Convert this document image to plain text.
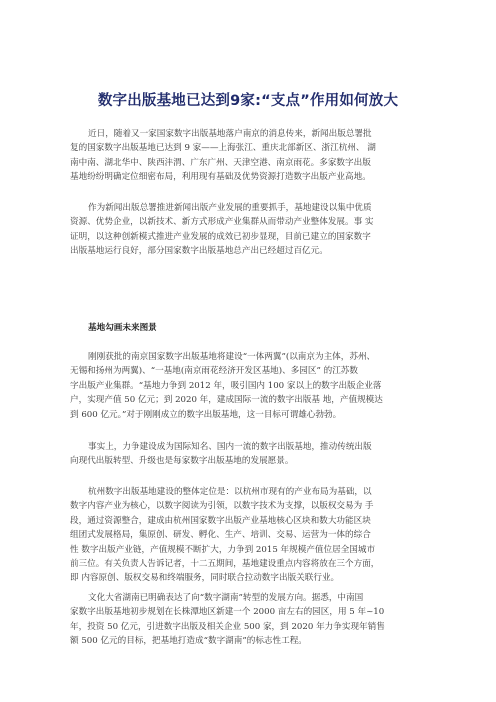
数字出版基地已达到9家:“支点”作用如何放大
近日，随着又一家国家数字出版基地落户南京的消息传来，新闻出版总署批
复的国家数字出版基地已达到 9 家——上海张江、重庆北部新区、浙江杭州、 湖
南中南、湖北华中、陕西沣渭、广东广州、天津空港、南京雨花。多家数字出版
基地纷纷明确定位细密布局，利用现有基础及优势资源打造数字出版产业高地。
作为新闻出版总署推进新闻出版产业发展的重要抓手，基地建设以集中优质
资源、优势企业，以新技术、新方式形成产业集群从而带动产业整体发展。事 实
证明，以这种创新模式推进产业发展的成效已初步显现，目前已建立的国家数字
出版基地运行良好，部分国家数字出版基地总产出已经超过百亿元。
基地勾画未来图景
刚刚获批的南京国家数字出版基地将建设“一体两翼”(以南京为主体，苏州、
无锡和扬州为两翼)、“一基地(南京雨花经济开发区基地)、多园区” 的江苏数
字出版产业集群。“基地力争到 2012 年，吸引国内 100 家以上的数字出版企业落
户，实现产值 50 亿元；到 2020 年，建成国际一流的数字出版基 地，产值规模达
到 600 亿元。”对于刚刚成立的数字出版基地，这一目标可谓雄心勃勃。
事实上，力争建设成为国际知名、国内一流的数字出版基地，推动传统出版
向现代出版转型、升级也是每家数字出版基地的发展愿景。
杭州数字出版基地建设的整体定位是：以杭州市现有的产业布局为基础，以
数字内容产业为核心，以数字阅读为引领，以数字技术为支撑，以版权交易为 手
段，通过资源整合，建成由杭州国家数字出版产业基地核心区块和数大功能区块
组团式发展格局，集原创、研发、孵化、生产、培训、交易、运营为一体的综合
性 数字出版产业链，产值规模不断扩大，力争到 2015 年规模产值位居全国城市
前三位。有关负责人告诉记者，十二五期间，基地建设重点内容将放在三个方面，
即 内容原创、版权交易和终端服务，同时联合拉动数字出版关联行业。
文化大省湖南已明确表达了向“数字湖南”转型的发展方向。据悉，中南国
家数字出版基地初步规划在长株潭地区新建一个 2000 亩左右的园区，用 5 年~10
年，投资 50 亿元，引进数字出版及相关企业 500 家，到 2020 年力争实现年销售
额 500 亿元的目标，把基地打造成“数字湖南”的标志性工程。
